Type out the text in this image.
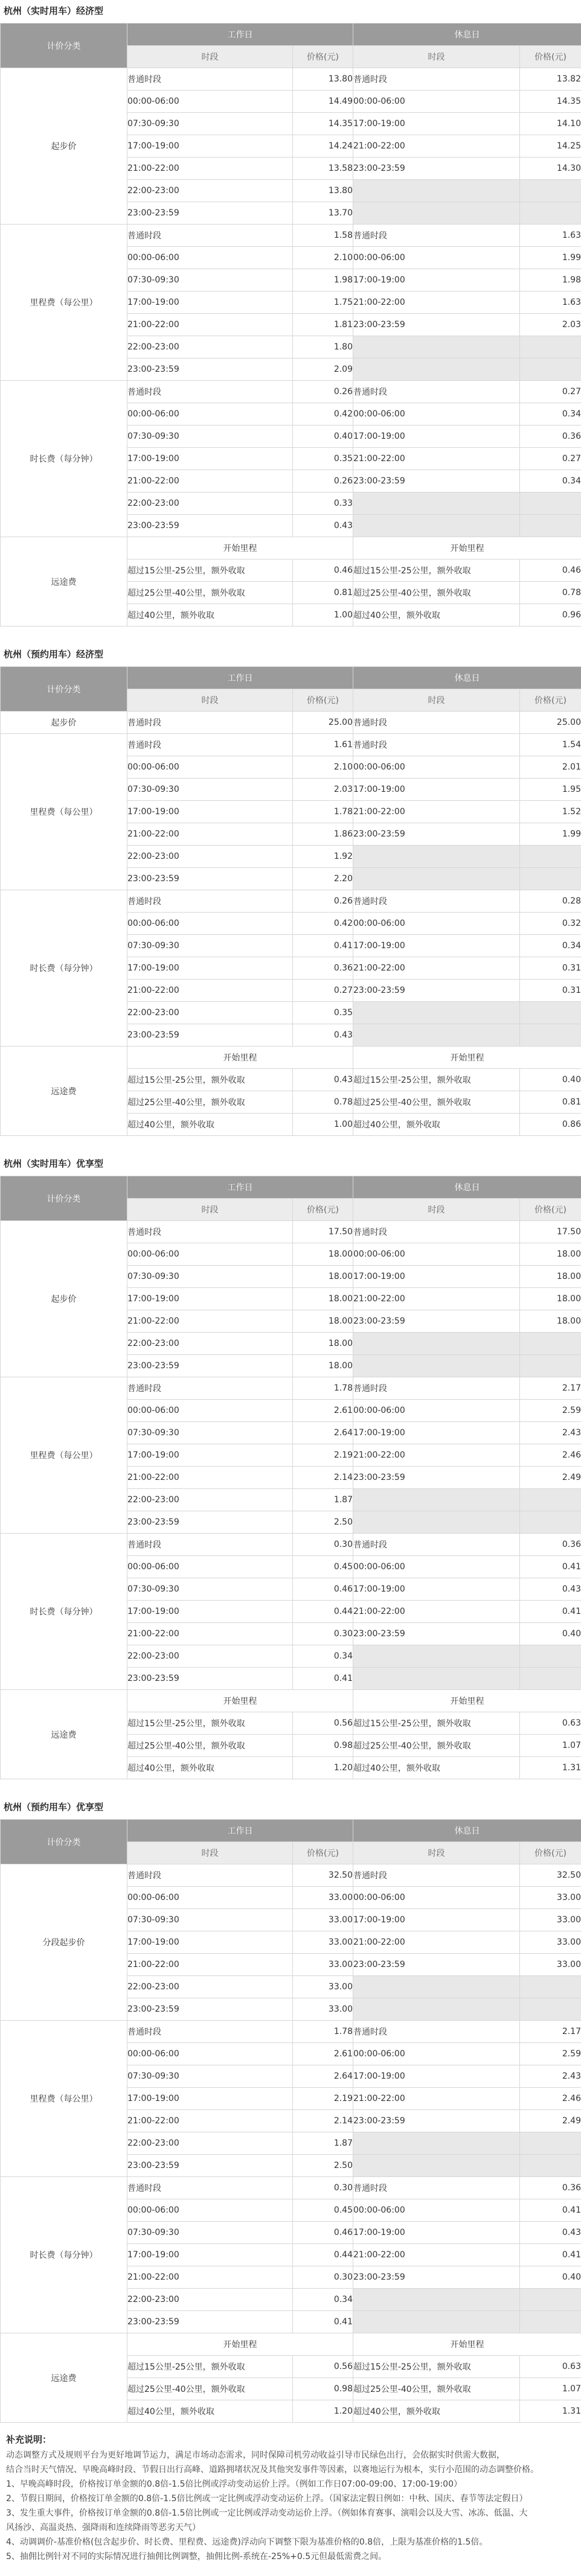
杭州（实时用车）经济型
计价分类	工作日		休息日	
	时段	价格(元)	时段	价格(元)
起步价	普通时段	13.80	普通时段	13.82
	00:00-06:00	14.49	00:00-06:00	14.35
	07:30-09:30	14.35	17:00-19:00	14.10
	17:00-19:00	14.24	21:00-22:00	14.25
	21:00-22:00	13.58	23:00-23:59	14.30
	22:00-23:00	13.80		
	23:00-23:59	13.70		
里程费（每公里）	普通时段	1.58	普通时段	1.63
	00:00-06:00	2.10	00:00-06:00	1.99
	07:30-09:30	1.98	17:00-19:00	1.98
	17:00-19:00	1.75	21:00-22:00	1.63
	21:00-22:00	1.81	23:00-23:59	2.03
	22:00-23:00	1.80		
	23:00-23:59	2.09		
时长费（每分钟）	普通时段	0.26	普通时段	0.27
	00:00-06:00	0.42	00:00-06:00	0.34
	07:30-09:30	0.40	17:00-19:00	0.36
	17:00-19:00	0.35	21:00-22:00	0.27
	21:00-22:00	0.26	23:00-23:59	0.34
	22:00-23:00	0.33		
	23:00-23:59	0.43		
远途费	开始里程		开始里程	
	超过15公里-25公里，额外收取	0.46	超过15公里-25公里，额外收取	0.46
	超过25公里-40公里，额外收取	0.81	超过25公里-40公里，额外收取	0.78
	超过40公里，额外收取	1.00	超过40公里，额外收取	0.96
杭州（预约用车）经济型
计价分类	工作日		休息日	
	时段	价格(元)	时段	价格(元)
起步价	普通时段	25.00	普通时段	25.00
里程费（每公里）	普通时段	1.61	普通时段	1.54
	00:00-06:00	2.10	00:00-06:00	2.01
	07:30-09:30	2.03	17:00-19:00	1.95
	17:00-19:00	1.78	21:00-22:00	1.52
	21:00-22:00	1.86	23:00-23:59	1.99
	22:00-23:00	1.92		
	23:00-23:59	2.20		
时长费（每分钟）	普通时段	0.26	普通时段	0.28
	00:00-06:00	0.42	00:00-06:00	0.32
	07:30-09:30	0.41	17:00-19:00	0.34
	17:00-19:00	0.36	21:00-22:00	0.31
	21:00-22:00	0.27	23:00-23:59	0.31
	22:00-23:00	0.35		
	23:00-23:59	0.43		
远途费	开始里程		开始里程	
	超过15公里-25公里，额外收取	0.43	超过15公里-25公里，额外收取	0.40
	超过25公里-40公里，额外收取	0.78	超过25公里-40公里，额外收取	0.81
	超过40公里，额外收取	1.00	超过40公里，额外收取	0.86
杭州（实时用车）优享型
计价分类	工作日		休息日	
	时段	价格(元)	时段	价格(元)
起步价	普通时段	17.50	普通时段	17.50
	00:00-06:00	18.00	00:00-06:00	18.00
	07:30-09:30	18.00	17:00-19:00	18.00
	17:00-19:00	18.00	21:00-22:00	18.00
	21:00-22:00	18.00	23:00-23:59	18.00
	22:00-23:00	18.00		
	23:00-23:59	18.00		
里程费（每公里）	普通时段	1.78	普通时段	2.17
	00:00-06:00	2.61	00:00-06:00	2.59
	07:30-09:30	2.64	17:00-19:00	2.43
	17:00-19:00	2.19	21:00-22:00	2.46
	21:00-22:00	2.14	23:00-23:59	2.49
	22:00-23:00	1.87		
	23:00-23:59	2.50		
时长费（每分钟）	普通时段	0.30	普通时段	0.36
	00:00-06:00	0.45	00:00-06:00	0.41
	07:30-09:30	0.46	17:00-19:00	0.43
	17:00-19:00	0.44	21:00-22:00	0.41
	21:00-22:00	0.30	23:00-23:59	0.40
	22:00-23:00	0.34		
	23:00-23:59	0.41		
远途费	开始里程		开始里程	
	超过15公里-25公里，额外收取	0.56	超过15公里-25公里，额外收取	0.63
	超过25公里-40公里，额外收取	0.98	超过25公里-40公里，额外收取	1.07
	超过40公里，额外收取	1.20	超过40公里，额外收取	1.31
杭州（预约用车）优享型
计价分类	工作日		休息日	
	时段	价格(元)	时段	价格(元)
分段起步价	普通时段	32.50	普通时段	32.50
	00:00-06:00	33.00	00:00-06:00	33.00
	07:30-09:30	33.00	17:00-19:00	33.00
	17:00-19:00	33.00	21:00-22:00	33.00
	21:00-22:00	33.00	23:00-23:59	33.00
	22:00-23:00	33.00		
	23:00-23:59	33.00		
里程费（每公里）	普通时段	1.78	普通时段	2.17
	00:00-06:00	2.61	00:00-06:00	2.59
	07:30-09:30	2.64	17:00-19:00	2.43
	17:00-19:00	2.19	21:00-22:00	2.46
	21:00-22:00	2.14	23:00-23:59	2.49
	22:00-23:00	1.87		
	23:00-23:59	2.50		
时长费（每分钟）	普通时段	0.30	普通时段	0.36
	00:00-06:00	0.45	00:00-06:00	0.41
	07:30-09:30	0.46	17:00-19:00	0.43
	17:00-19:00	0.44	21:00-22:00	0.41
	21:00-22:00	0.30	23:00-23:59	0.40
	22:00-23:00	0.34		
	23:00-23:59	0.41		
远途费	开始里程		开始里程	
	超过15公里-25公里，额外收取	0.56	超过15公里-25公里，额外收取	0.63
	超过25公里-40公里，额外收取	0.98	超过25公里-40公里，额外收取	1.07
	超过40公里，额外收取	1.20	超过40公里，额外收取	1.31
补充说明：
动态调整方式及规则平台为更好地调节运力，满足市场动态需求，同时保障司机劳动收益引导市民绿色出行，会依据实时供需大数据，
结合当时天气情况、早晚高峰时段、节假日出行高峰、道路拥堵状况及其他突发事件等因素，以赛地运行为根本，实行小范围的动态调整价格。
1、早晚高峰时段，价格按订单金额的0.8倍-1.5倍比例或浮动变动运价上浮。（例如工作日07:00-09:00、17:00-19:00）
2、节假日期间，价格按订单金额的0.8倍-1.5倍比例或一定比例或浮动变动运价上浮。（国家法定假日例如：中秋、国庆、春节等法定假日）
3、发生重大事件，价格按订单金额的0.8倍-1.5倍比例或一定比例或浮动变动运价上浮。（例如体育赛事、演唱会以及大雪、冰冻、低温、大
风扬沙、高温炎热、强降雨和连续降雨等恶劣天气）
4、动调调价-基准价格(包含起步价、时长费、里程费、远途费)浮动向下调整下限为基准价格的0.8倍，上限为基准价格的1.5倍。
5、抽佣比例针对不同的实际情况进行抽佣比例调整，抽佣比例-系统在-25%+0.5元但最低需费之间。
